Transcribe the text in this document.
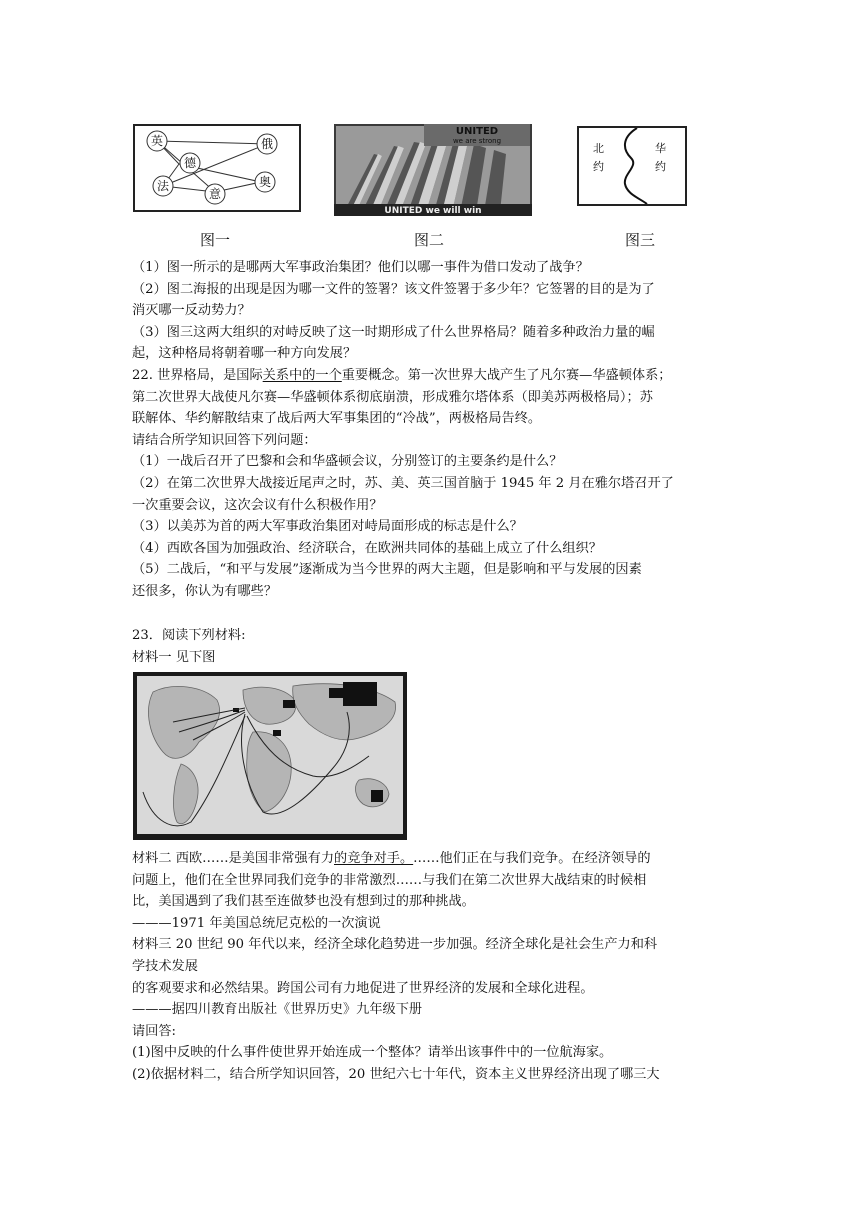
英
德
俄
法
意
奥
图一
UNITED
we are strong
UNITED we will win
图二
北
约
华
约
图三
（1）图一所示的是哪两大军事政治集团？他们以哪一事件为借口发动了战争？
（2）图二海报的出现是因为哪一文件的签署？该文件签署于多少年？它签署的目的是为了
消灭哪一反动势力？
（3）图三这两大组织的对峙反映了这一时期形成了什么世界格局？随着多种政治力量的崛
起，这种格局将朝着哪一种方向发展？
22. 世界格局，是国际关系中的一个重要概念。第一次世界大战产生了凡尔赛—华盛顿体系；
第二次世界大战使凡尔赛—华盛顿体系彻底崩溃，形成雅尔塔体系（即美苏两极格局）；苏
联解体、华约解散结束了战后两大军事集团的“冷战”，两极格局告终。
请结合所学知识回答下列问题：
（1）一战后召开了巴黎和会和华盛顿会议，分别签订的主要条约是什么？
（2）在第二次世界大战接近尾声之时，苏、美、英三国首脑于 1945 年 2 月在雅尔塔召开了
一次重要会议，这次会议有什么积极作用？
（3）以美苏为首的两大军事政治集团对峙局面形成的标志是什么？
（4）西欧各国为加强政治、经济联合，在欧洲共同体的基础上成立了什么组织？
（5）二战后，“和平与发展”逐渐成为当今世界的两大主题，但是影响和平与发展的因素
还很多，你认为有哪些？
23．阅读下列材料:
材料一 见下图
材料二 西欧……是美国非常强有力的竞争对手。……他们正在与我们竞争。在经济领导的
问题上，他们在全世界同我们竞争的非常激烈……与我们在第二次世界大战结束的时候相
比，美国遇到了我们甚至连做梦也没有想到过的那种挑战。
———1971 年美国总统尼克松的一次演说
材料三 20 世纪 90 年代以来，经济全球化趋势进一步加强。经济全球化是社会生产力和科
学技术发展
的客观要求和必然结果。跨国公司有力地促进了世界经济的发展和全球化进程。
———据四川教育出版社《世界历史》九年级下册
请回答:
(1)图中反映的什么事件使世界开始连成一个整体？请举出该事件中的一位航海家。
(2)依据材料二，结合所学知识回答，20 世纪六七十年代，资本主义世界经济出现了哪三大
